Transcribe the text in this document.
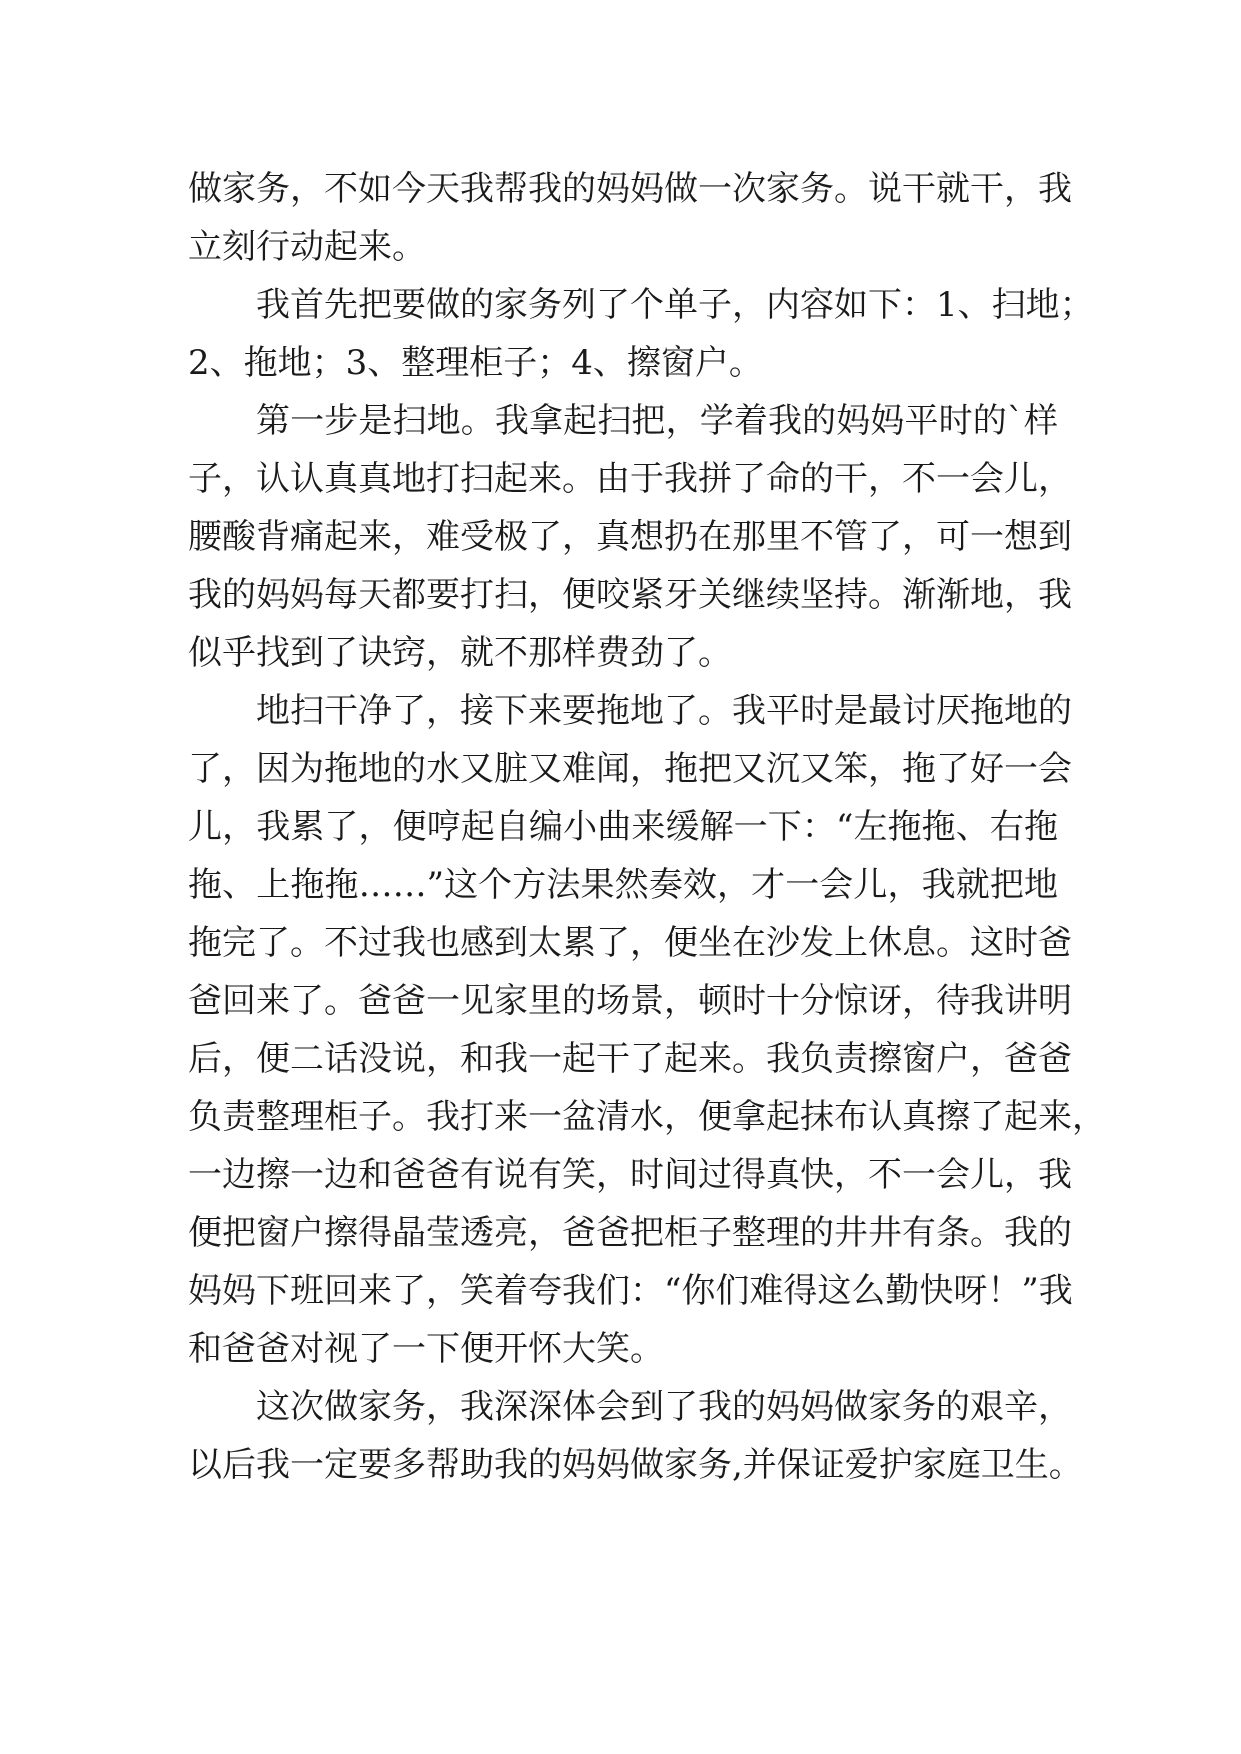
做家务，不如今天我帮我的妈妈做一次家务。说干就干，我
立刻行动起来。
我首先把要做的家务列了个单子，内容如下：1、扫地；
2、拖地；3、整理柜子；4、擦窗户。
第一步是扫地。我拿起扫把，学着我的妈妈平时的`样
子，认认真真地打扫起来。由于我拼了命的干，不一会儿，
腰酸背痛起来，难受极了，真想扔在那里不管了，可一想到
我的妈妈每天都要打扫，便咬紧牙关继续坚持。渐渐地，我
似乎找到了诀窍，就不那样费劲了。
地扫干净了，接下来要拖地了。我平时是最讨厌拖地的
了，因为拖地的水又脏又难闻，拖把又沉又笨，拖了好一会
儿，我累了，便哼起自编小曲来缓解一下：“左拖拖、右拖
拖、上拖拖……”这个方法果然奏效，才一会儿，我就把地
拖完了。不过我也感到太累了，便坐在沙发上休息。这时爸
爸回来了。爸爸一见家里的场景，顿时十分惊讶，待我讲明
后，便二话没说，和我一起干了起来。我负责擦窗户，爸爸
负责整理柜子。我打来一盆清水，便拿起抹布认真擦了起来，
一边擦一边和爸爸有说有笑，时间过得真快，不一会儿，我
便把窗户擦得晶莹透亮，爸爸把柜子整理的井井有条。我的
妈妈下班回来了，笑着夸我们：“你们难得这么勤快呀！”我
和爸爸对视了一下便开怀大笑。
这次做家务，我深深体会到了我的妈妈做家务的艰辛，
以后我一定要多帮助我的妈妈做家务,并保证爱护家庭卫生。
